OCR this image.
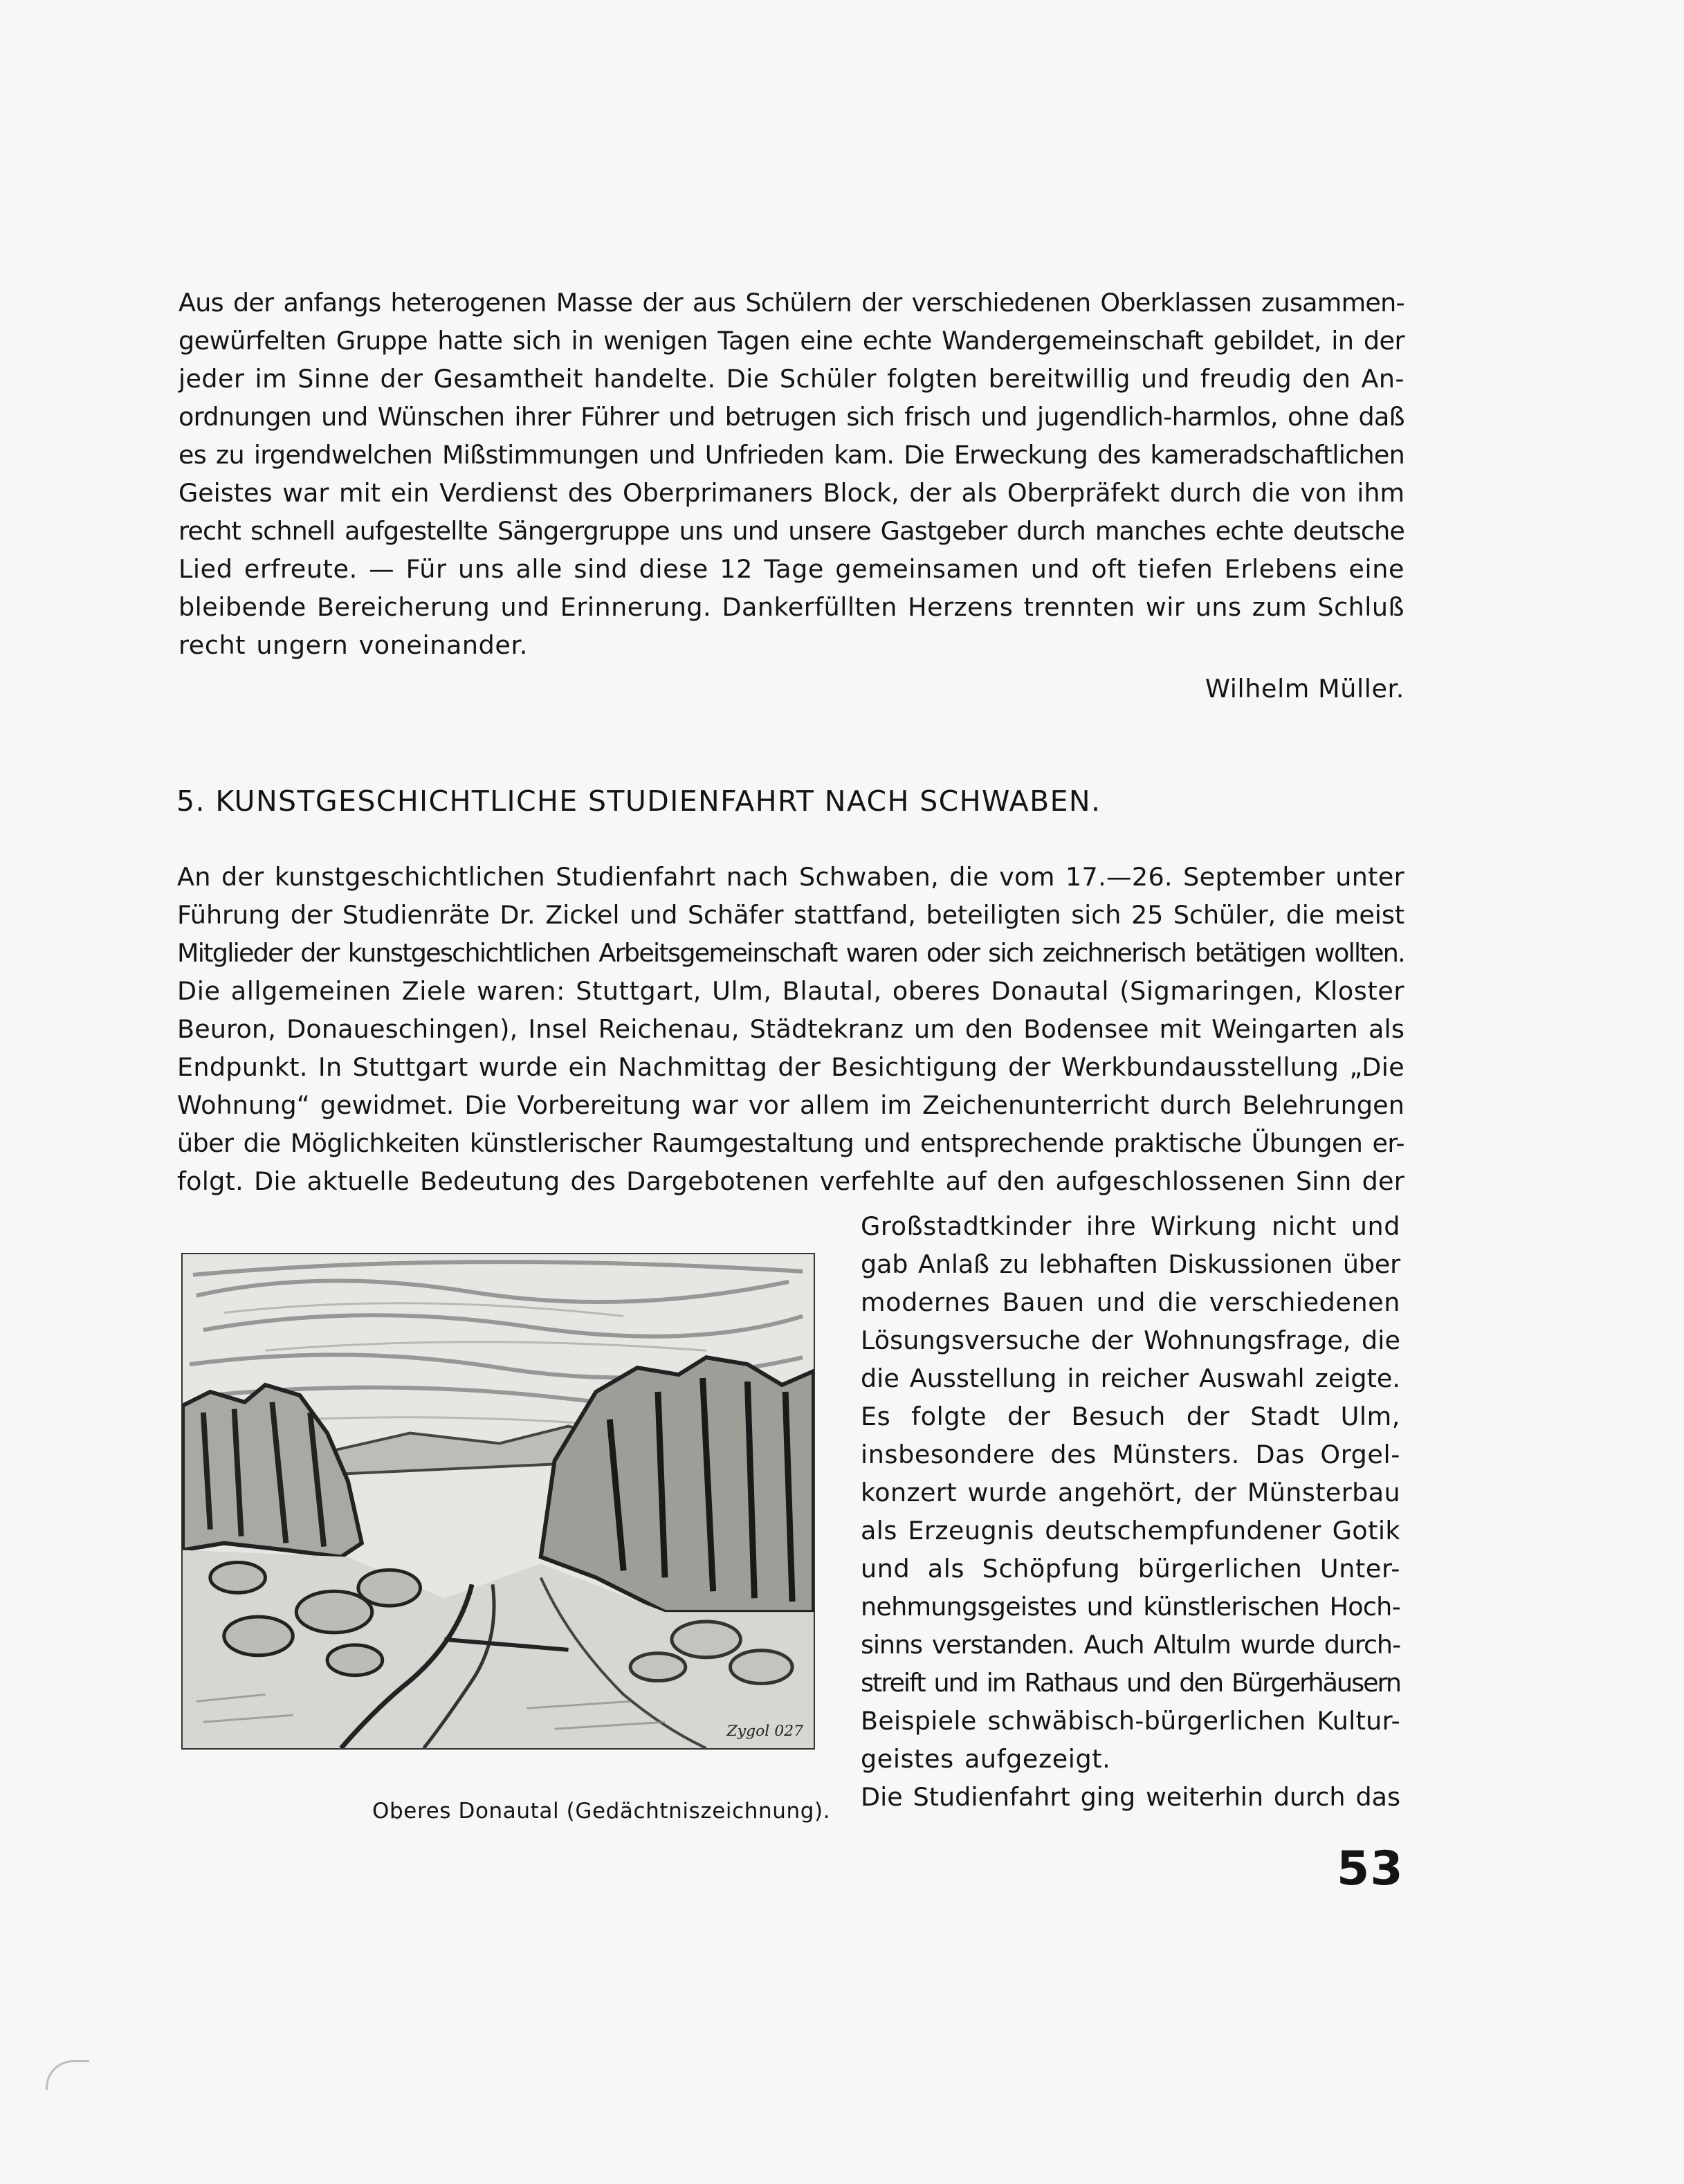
Aus der anfangs heterogenen Masse der aus Schülern der verschiedenen Oberklassen zusammen-
gewürfelten Gruppe hatte sich in wenigen Tagen eine echte Wandergemeinschaft gebildet, in der
jeder im Sinne der Gesamtheit handelte. Die Schüler folgten bereitwillig und freudig den An-
ordnungen und Wünschen ihrer Führer und betrugen sich frisch und jugendlich-harmlos, ohne daß
es zu irgendwelchen Mißstimmungen und Unfrieden kam. Die Erweckung des kameradschaftlichen
Geistes war mit ein Verdienst des Oberprimaners Block, der als Oberpräfekt durch die von ihm
recht schnell aufgestellte Sängergruppe uns und unsere Gastgeber durch manches echte deutsche
Lied erfreute. — Für uns alle sind diese 12 Tage gemeinsamen und oft tiefen Erlebens eine
bleibende Bereicherung und Erinnerung. Dankerfüllten Herzens trennten wir uns zum Schluß
recht ungern voneinander.
Wilhelm Müller.
5. KUNSTGESCHICHTLICHE STUDIENFAHRT NACH SCHWABEN.
An der kunstgeschichtlichen Studienfahrt nach Schwaben, die vom 17.—26. September unter
Führung der Studienräte Dr. Zickel und Schäfer stattfand, beteiligten sich 25 Schüler, die meist
Mitglieder der kunstgeschichtlichen Arbeitsgemeinschaft waren oder sich zeichnerisch betätigen wollten.
Die allgemeinen Ziele waren: Stuttgart, Ulm, Blautal, oberes Donautal (Sigmaringen, Kloster
Beuron, Donaueschingen), Insel Reichenau, Städtekranz um den Bodensee mit Weingarten als
Endpunkt. In Stuttgart wurde ein Nachmittag der Besichtigung der Werkbundausstellung „Die
Wohnung“ gewidmet. Die Vorbereitung war vor allem im Zeichenunterricht durch Belehrungen
über die Möglichkeiten künstlerischer Raumgestaltung und entsprechende praktische Übungen er-
folgt. Die aktuelle Bedeutung des Dargebotenen verfehlte auf den aufgeschlossenen Sinn der
Großstadtkinder ihre Wirkung nicht und
gab Anlaß zu lebhaften Diskussionen über
modernes Bauen und die verschiedenen
Lösungsversuche der Wohnungsfrage, die
die Ausstellung in reicher Auswahl zeigte.
Es folgte der Besuch der Stadt Ulm,
insbesondere des Münsters. Das Orgel-
konzert wurde angehört, der Münsterbau
als Erzeugnis deutschempfundener Gotik
und als Schöpfung bürgerlichen Unter-
nehmungsgeistes und künstlerischen Hoch-
sinns verstanden. Auch Altulm wurde durch-
streift und im Rathaus und den Bürgerhäusern
Beispiele schwäbisch-bürgerlichen Kultur-
geistes aufgezeigt.
Die Studienfahrt ging weiterhin durch das
Zygol 027
Oberes Donautal (Gedächtniszeichnung).
53
